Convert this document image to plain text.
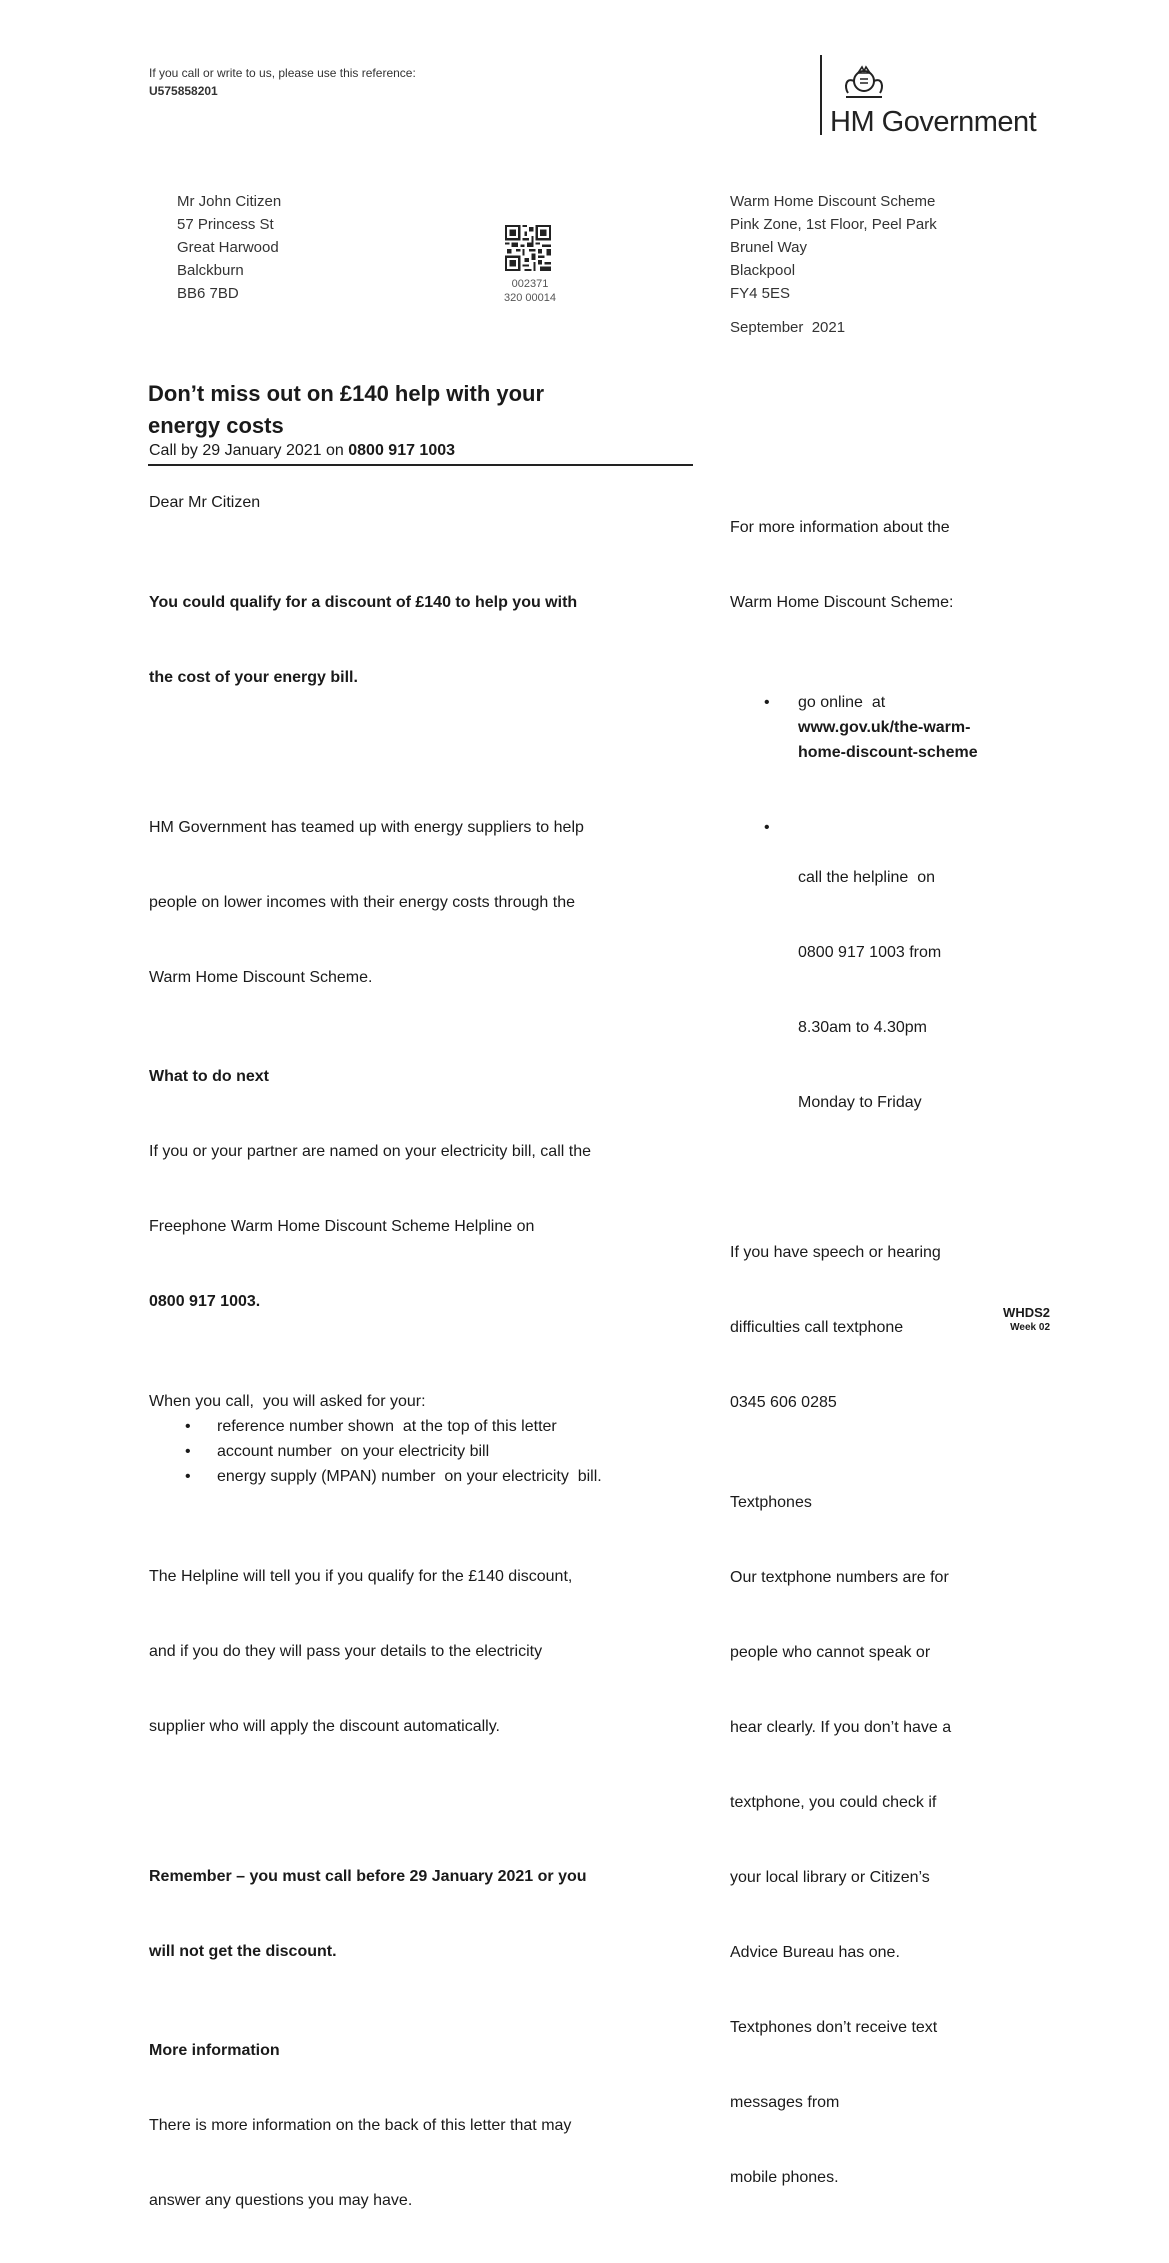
If you call or write to us, please use this reference:
U575858201
HM Government
Mr John Citizen
57 Princess St
Great Harwood
Balckburn
BB6 7BD
002371
320 00014
Warm Home Discount Scheme
Pink Zone, 1st Floor, Peel Park
Brunel Way
Blackpool
FY4 5ES
September  2021
Don’t miss out on £140 help with your energy costs
Call by 29 January 2021 on 0800 917 1003
Dear Mr Citizen

You could qualify for a discount of £140 to help you with

the cost of your energy bill.

HM Government has teamed up with energy suppliers to help

people on lower incomes with their energy costs through the

Warm Home Discount Scheme.

What to do next

If you or your partner are named on your electricity bill, call the

Freephone Warm Home Discount Scheme Helpline on

0800 917 1003.

When you call,  you will asked for your:
• reference number shown  at the top of this letter
• account number  on your electricity bill
• energy supply (MPAN) number  on your electricity  bill.

The Helpline will tell you if you qualify for the £140 discount,

and if you do they will pass your details to the electricity

supplier who will apply the discount automatically.

Remember – you must call before 29 January 2021 or you

will not get the discount.

More information

There is more information on the back of this letter that may

answer any questions you may have.

For more information about the

Warm Home Discount Scheme:

• go online  at
www.gov.uk/the-warm-
home-discount-scheme

•

call the helpline  on

0800 917 1003 from

8.30am to 4.30pm

Monday to Friday

If you have speech or hearing

difficulties call textphone

0345 606 0285

Textphones

Our textphone numbers are for

people who cannot speak or

hear clearly. If you don’t have a

textphone, you could check if

your local library or Citizen’s

Advice Bureau has one.

Textphones don’t receive text

messages from

mobile phones.

WHDS2
Week 02
